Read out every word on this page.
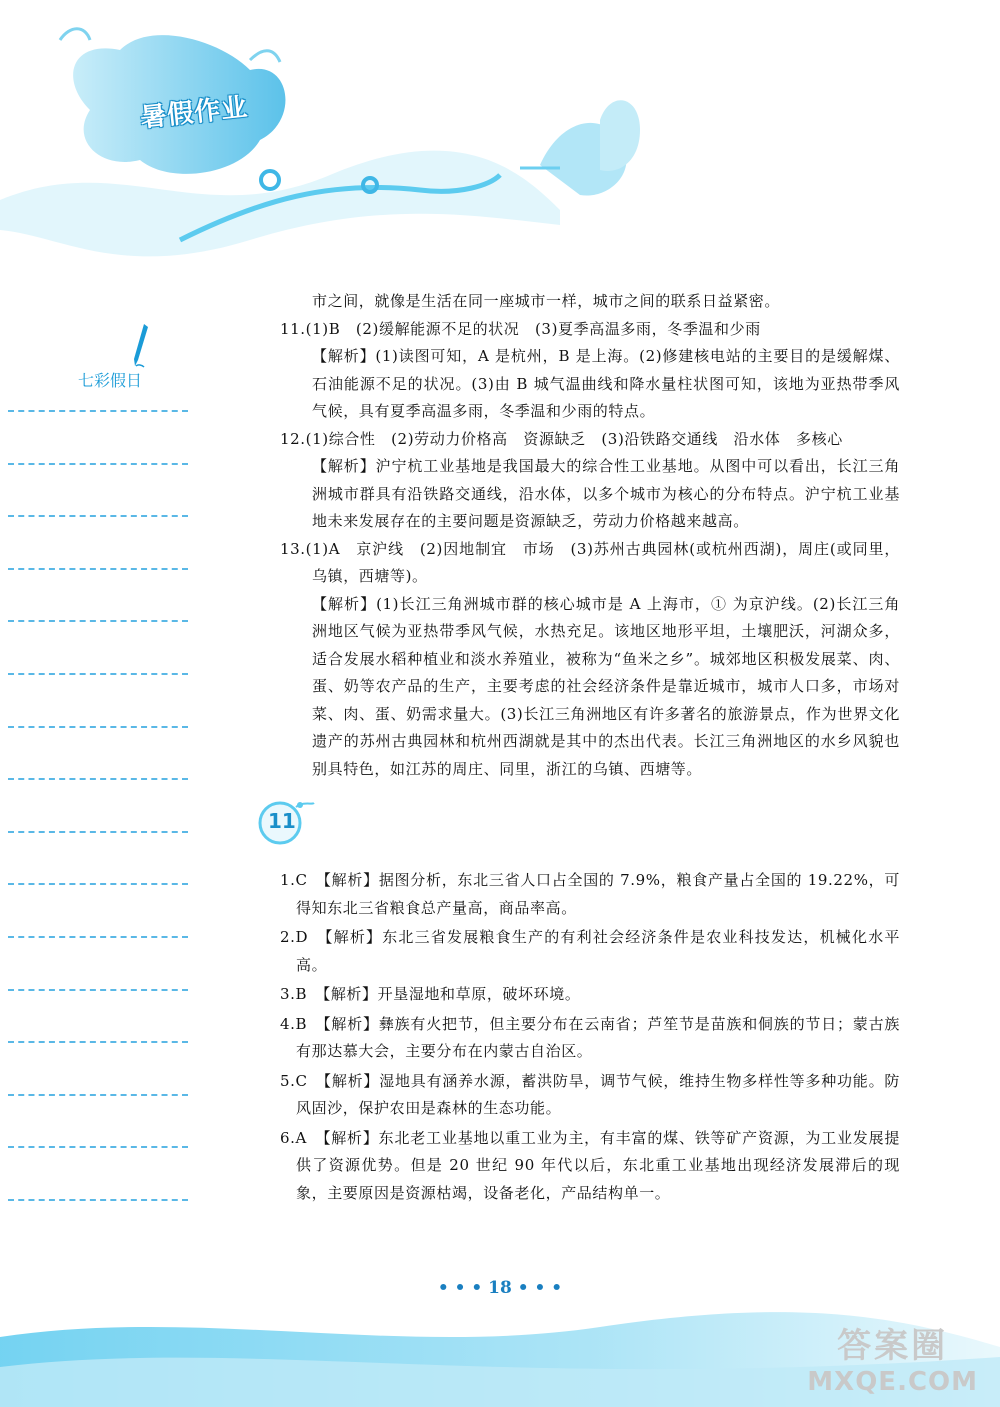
暑假作业
七彩假日

市之间，就像是生活在同一座城市一样，城市之间的联系日益紧密。

11.(1)B　(2)缓解能源不足的状况　(3)夏季高温多雨，冬季温和少雨

【解析】(1)读图可知，A 是杭州，B 是上海。(2)修建核电站的主要目的是缓解煤、石油能源不足的状况。(3)由 B 城气温曲线和降水量柱状图可知，该地为亚热带季风气候，具有夏季高温多雨，冬季温和少雨的特点。

12.(1)综合性　(2)劳动力价格高　资源缺乏　(3)沿铁路交通线　沿水体　多核心

【解析】沪宁杭工业基地是我国最大的综合性工业基地。从图中可以看出，长江三角洲城市群具有沿铁路交通线，沿水体，以多个城市为核心的分布特点。沪宁杭工业基地未来发展存在的主要问题是资源缺乏，劳动力价格越来越高。

13.(1)A　京沪线　(2)因地制宜　市场　(3)苏州古典园林(或杭州西湖)，周庄(或同里，乌镇，西塘等)。

【解析】(1)长江三角洲城市群的核心城市是 A 上海市，① 为京沪线。(2)长江三角洲地区气候为亚热带季风气候，水热充足。该地区地形平坦，土壤肥沃，河湖众多，适合发展水稻种植业和淡水养殖业，被称为“鱼米之乡”。城郊地区积极发展菜、肉、蛋、奶等农产品的生产，主要考虑的社会经济条件是靠近城市，城市人口多，市场对菜、肉、蛋、奶需求量大。(3)长江三角洲地区有许多著名的旅游景点，作为世界文化遗产的苏州古典园林和杭州西湖就是其中的杰出代表。长江三角洲地区的水乡风貌也别具特色，如江苏的周庄、同里，浙江的乌镇、西塘等。

11

1.C　【解析】据图分析，东北三省人口占全国的 7.9%，粮食产量占全国的 19.22%，可得知东北三省粮食总产量高，商品率高。

2.D　【解析】东北三省发展粮食生产的有利社会经济条件是农业科技发达，机械化水平高。

3.B　【解析】开垦湿地和草原，破坏环境。

4.B　【解析】彝族有火把节，但主要分布在云南省；芦笙节是苗族和侗族的节日；蒙古族有那达慕大会，主要分布在内蒙古自治区。

5.C　【解析】湿地具有涵养水源，蓄洪防旱，调节气候，维持生物多样性等多种功能。防风固沙，保护农田是森林的生态功能。

6.A　【解析】东北老工业基地以重工业为主，有丰富的煤、铁等矿产资源，为工业发展提供了资源优势。但是 20 世纪 90 年代以后，东北重工业基地出现经济发展滞后的现象，主要原因是资源枯竭，设备老化，产品结构单一。

• • • 18 • • •
答案圈
MXQE.COM
